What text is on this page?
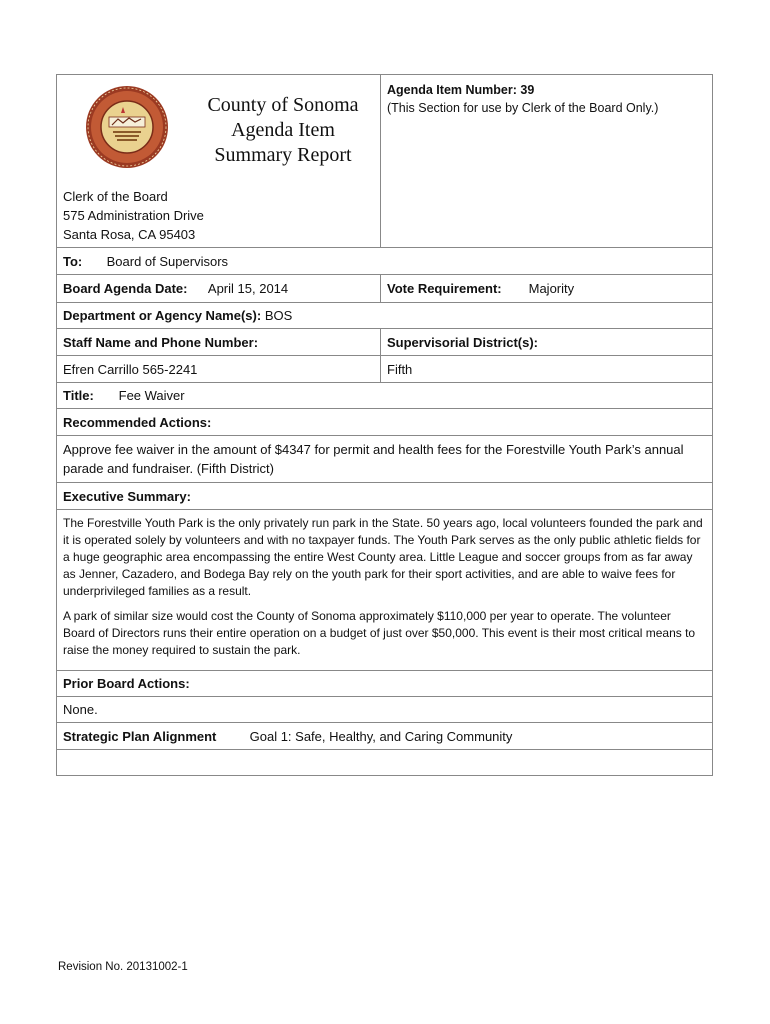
County of Sonoma
Agenda Item
Summary Report
Clerk of the Board
575 Administration Drive
Santa Rosa, CA 95403
Agenda Item Number: 39
(This Section for use by Clerk of the Board Only.)
To: Board of Supervisors
Board Agenda Date: April 15, 2014	Vote Requirement: Majority
Department or Agency Name(s): BOS
Staff Name and Phone Number:	Supervisorial District(s):
Efren Carrillo 565-2241	Fifth
Title: Fee Waiver
Recommended Actions:
Approve fee waiver in the amount of $4347 for permit and health fees for the Forestville Youth Park’s annual parade and fundraiser. (Fifth District)
Executive Summary:

The Forestville Youth Park is the only privately run park in the State. 50 years ago, local volunteers founded the park and it is operated solely by volunteers and with no taxpayer funds. The Youth Park serves as the only public athletic fields for a huge geographic area encompassing the entire West County area. Little League and soccer groups from as far away as Jenner, Cazadero, and Bodega Bay rely on the youth park for their sport activities, and are able to waive fees for underprivileged families as a result.

A park of similar size would cost the County of Sonoma approximately $110,000 per year to operate. The volunteer Board of Directors runs their entire operation on a budget of just over $50,000. This event is their most critical means to raise the money required to sustain the park.

Prior Board Actions:
None.
Strategic Plan Alignment	Goal 1: Safe, Healthy, and Caring Community
Revision No. 20131002-1
